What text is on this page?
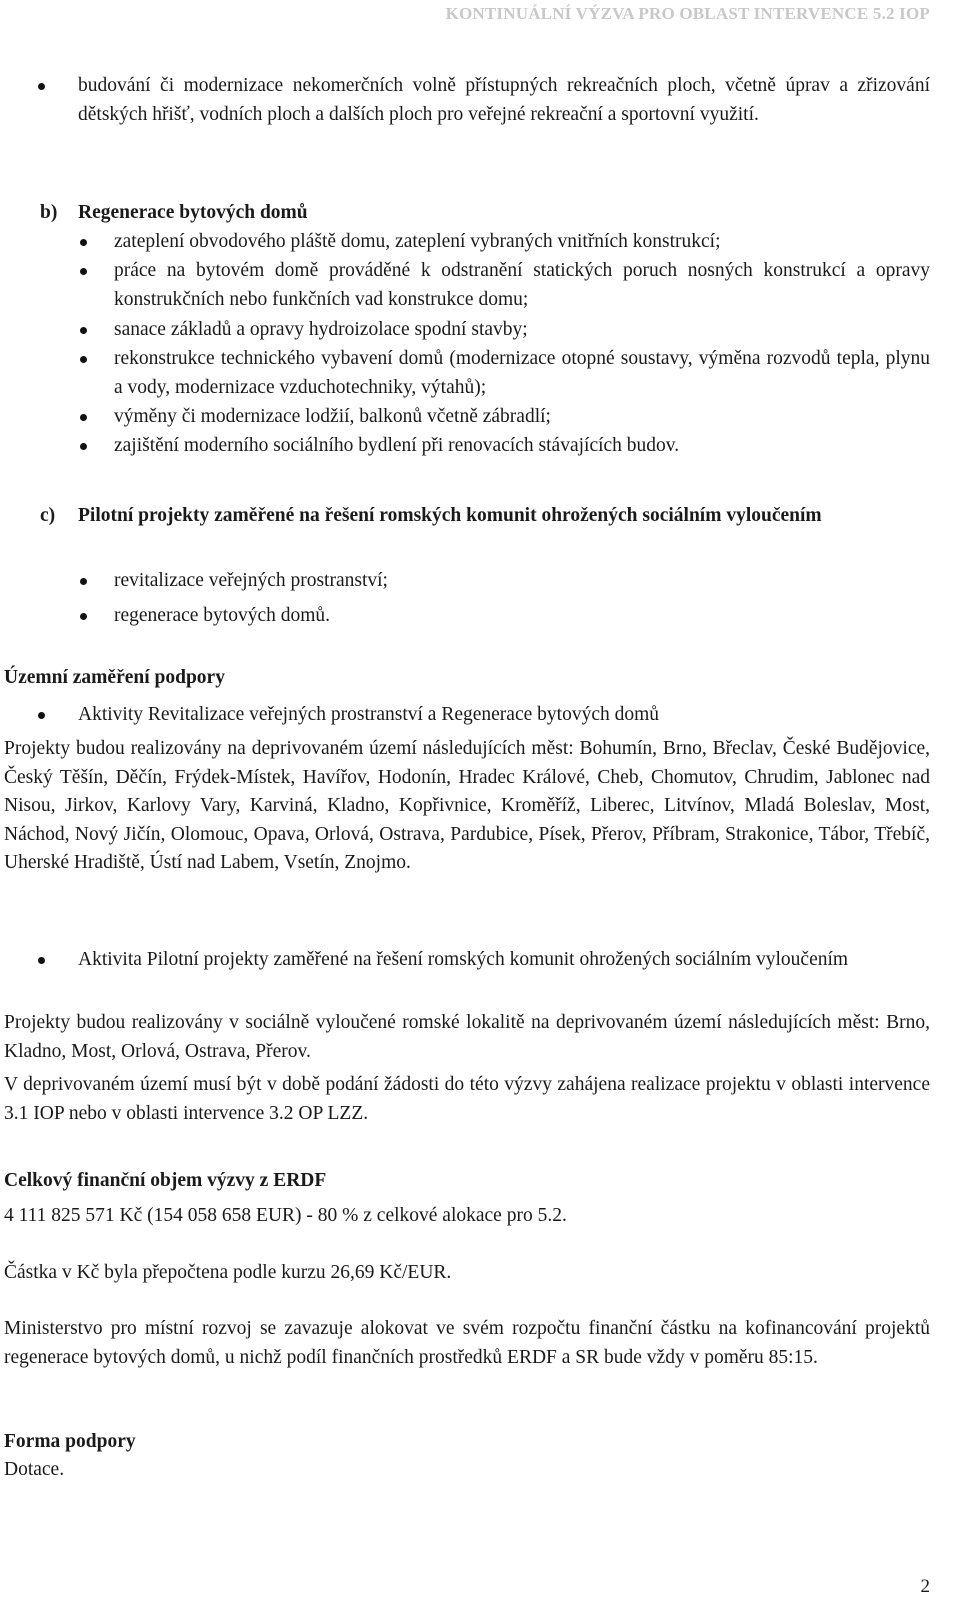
KONTINUÁLNÍ VÝZVA PRO OBLAST INTERVENCE 5.2 IOP
budování či modernizace nekomerčních volně přístupných rekreačních ploch, včetně úprav a zřizování dětských hřišť, vodních ploch a dalších ploch pro veřejné rekreační a sportovní využití.
b) Regenerace bytových domů
zateplení obvodového pláště domu, zateplení vybraných vnitřních konstrukcí;
práce na bytovém domě prováděné k odstranění statických poruch nosných konstrukcí a opravy konstrukčních nebo funkčních vad konstrukce domu;
sanace základů a opravy hydroizolace spodní stavby;
rekonstrukce technického vybavení domů (modernizace otopné soustavy, výměna rozvodů tepla, plynu a vody, modernizace vzduchotechniky, výtahů);
výměny či modernizace lodžií, balkonů včetně zábradlí;
zajištění moderního sociálního bydlení při renovacích stávajících budov.
c) Pilotní projekty zaměřené na řešení romských komunit ohrožených sociálním vyloučením
revitalizace veřejných prostranství;
regenerace bytových domů.
Územní zaměření podpory
Aktivity Revitalizace veřejných prostranství a Regenerace bytových domů
Projekty budou realizovány na deprivovaném území následujících měst: Bohumín, Brno, Břeclav, České Budějovice, Český Těšín, Děčín, Frýdek-Místek, Havířov, Hodonín, Hradec Králové, Cheb, Chomutov, Chrudim, Jablonec nad Nisou, Jirkov, Karlovy Vary, Karviná, Kladno, Kopřivnice, Kroměříž, Liberec, Litvínov, Mladá Boleslav, Most, Náchod, Nový Jičín, Olomouc, Opava, Orlová, Ostrava, Pardubice, Písek, Přerov, Příbram, Strakonice, Tábor, Třebíč, Uherské Hradiště, Ústí nad Labem, Vsetín, Znojmo.
Aktivita Pilotní projekty zaměřené na řešení romských komunit ohrožených sociálním vyloučením
Projekty budou realizovány v sociálně vyloučené romské lokalitě na deprivovaném území následujících měst: Brno, Kladno, Most, Orlová, Ostrava, Přerov.
V deprivovaném území musí být v době podání žádosti do této výzvy zahájena realizace projektu v oblasti intervence 3.1 IOP nebo v oblasti intervence 3.2 OP LZZ.
Celkový finanční objem výzvy z ERDF
4 111 825 571 Kč (154 058 658 EUR) - 80 % z celkové alokace pro 5.2.
Částka v Kč byla přepočtena podle kurzu 26,69 Kč/EUR.
Ministerstvo pro místní rozvoj se zavazuje alokovat ve svém rozpočtu finanční částku na kofinancování projektů regenerace bytových domů, u nichž podíl finančních prostředků ERDF a SR bude vždy v poměru 85:15.
Forma podpory
Dotace.
2
